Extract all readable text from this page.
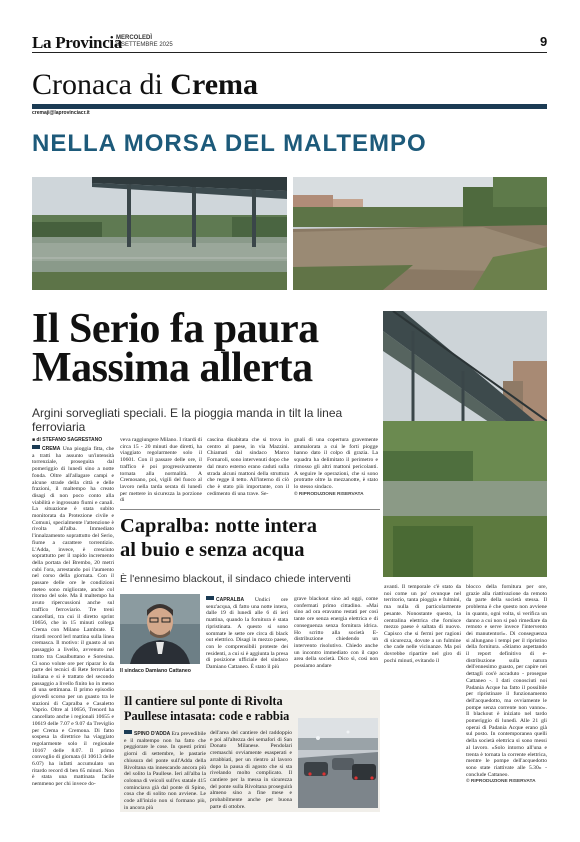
La Provincia
MERCOLEDÌ
3 SETTEMBRE 2025	9
Cronaca di Crema
cremaji@laprovinciacr.it
NELLA MORSA DEL MALTEMPO
Il Serio fa paura
Massima allerta
Argini sorvegliati speciali. E la pioggia manda in tilt la linea ferroviaria
■ di STEFANO SAGRESTANO
CREMA Una pioggia fitta, che a tratti ha assunto un'intensità torrenziale, proseguita dal pomeriggio di lunedì sino a notte fonda. Oltre all'allagare campi e alcune strade della città e delle frazioni, il maltempo ha creato disagi di non poco conto alla viabilità e ingrossato fiumi e canali. La situazione è stata subito monitorata da Protezione civile e Comuni, specialmente l'attenzione è rivolta all'alba. Immediato l'innalzamento soprattutto del Serio, fiume a carattere torrentizio. L'Adda, invece, è cresciuto soprattutto per il rapido incremento della portata del Brembo, 20 metri cubi l'ora, arrestando poi l'aumento nel corso della giornata. Con il passare delle ore le condizioni meteo sono migliorate, anche col ritorno del sole. Ma il maltempo ha avuto ripercussioni anche sul traffico ferroviario. Tre treni cancellati, tra cui il diretto sprint 10656, che in 15 minuti collega Crema con Milano Lambrate. E ritardi record lerl mattina sulla linea cremasca. Il motivo: il guasto al un passaggio a livello, avvenuto nel tratto tra Casalbuttano e Soresina. Ci sono volute ore per riparar lo da parte dei tecnici di Rete ferroviaria italiana e si è trattato del secondo passaggio a livello finito ko in meno di una settimana. Il primo episodio giovedì scorso per un guasto tra le stazioni di Capralba e Casaletto Vaprio. Oltre al 10656, Trenord ha cancellato anche i regionali 10655 e 10619 delle 7.07 e 9.07 da Treviglio per Crema e Cremona. Di fatto sospesa la direttrice ha viaggiato regolarmente solo il regionale 10167 delle 8.07. Il primo convoglio di giornata (il 10613 delle 6.07) ha infatti accumulato un ritardo record di ben 65 minuti. Non è stata una mattinata facile nemmeno per chi invece do-
veva raggiungere Milano. I ritardi di circa 15 - 20 minuti due diretti, ha viaggiato regolarmente solo il 10601. Con il passare delle ore, il traffico è poi progressivamente tornata alla normalità. A Cremosano, poi, vigili del fuoco al lavoro nella tarda serata di lunedì per mettere in sicurezza la porzione di
cascina disabitata che si trova in centro al paese, in via Mazzini. Chiamati dal sindaco Marco Fornaroli, sono intervenuti dopo che dal muro esterno erano caduti sulla strada alcuni mattoni della struttura che regge il tetto. All'interno di ciò che è stato più importante, con il cedimento di una trave. Se-
gnali di una copertura gravemente ammalorata a cui le forti piogge hanno dato il colpo di grazia. La squadra ha delimitato il perimetro e rimosso gli altri mattoni pericolanti. A seguire le operazioni, che si sono protratte oltre la mezzanotte, è stato lo stesso sindaco.
© RIPRODUZIONE RISERVATA
Capralba: notte intera
al buio e senza acqua
È l'ennesimo blackout, il sindaco chiede interventi
Il sindaco Damiano Cattaneo
CAPRALBA Undici ore senz'acqua, di fatto una notte intera, dalle 19 di lunedì alle 6 di ieri mattina, quando la fornitura è stata ripristinata. A questo si sono sommate le sette ore circa di black out elettrico. Disagi in mezzo paese, con le comprensibili proteste dei residenti, a cui si è aggiunta la presa di posizione ufficiale del sindaco Damiano Cattaneo. È stato il più
grave blackout sino ad oggi, come confermati primo cittadino. «Mai sino ad ora eravamo restati per così tante ore senza energia elettrica e di conseguenza senza fornitura idrica. Ho scritto alla società E-distribuzione chiedendo un intervento risolutivo. Chiedo anche un incontro immediato con il capo area della società. Dico sì, così non possiamo andare
avanti. Il temporale c'è stato da noi come un po' ovunque nel territorio, tanta pioggia e fulmini, ma nulla di particolarmente pesante. Nonostante questo, la centralina elettrica che fornisce mezzo paese è saltata di nuovo. Capisco che si fermi per ragioni di sicurezza, dovute a un fulmine che cade nelle vicinanze. Ma poi dovrebbe ripartire nel giro di pochi minuti, evitando il
blocco della fornitura per ore, grazie alla riattivazione da remoto da parte della società stessa. Il problema è che questo non avviene in quanto, ogni volta, si verifica un danno a cui non si può rimediare da remoto e serve invece l'intervento dei manutentori». Di conseguenza si allungano i tempi per il ripristino della fornitura. «Stiamo aspettando il report definitivo di e-distribuzione sulla natura dell'ennesimo guasto, per capire nei dettagli cos'è accaduto - prosegue Cattaneo -. I dati conosciuti noi Padania Acque ha fatto il possibile per ripristinare il funzionamento dell'acquedotto, ma ovviamente le pompe senza corrente non vanno». Il blackout è iniziato nel tardo pomeriggio di lunedì. Alle 21 gli operai di Padania Acque erano già sul posto. In contemporanea quelli della società elettrica si sono messi al lavoro. «Solo intorno all'una e trenta è tornata la corrente elettrica, mentre le pompe dell'acquedotto sono state riattivate alle 5.30» - conclude Cattaneo.
© RIPRODUZIONE RISERVATA
Il cantiere sul ponte di Rivolta
Paullese intasata: code e rabbia
SPINO D'ADDA Era prevedibile e il maltempo non ha fatto che peggiorare le cose. In questi primi giorni di settembre, le pastarie chiusura del ponte sull'Adda della Rivoltana sta innescando ancora più del solito la Paullese. Ieri all'alba la colonna di veicoli sull'ex statale 415 cominciava già dal ponte di Spino, cosa che di solito non avviene. Le code all'inizio non si formano più, in ancora più
dell'area del cantiere del raddoppio e poi all'altezza dei semafori di San Donato Milanese. Pendolari cremaschi ovviamente esasperati e arrabbiati, per un rientro al lavoro dopo la pausa di agosto che si sta rivelando molto complicato. Il cantiere per la messa in sicurezza del ponte sulla Rivoltana proseguirà almeno sino a fine mese e probabilmente anche per buona parte di ottobre.
